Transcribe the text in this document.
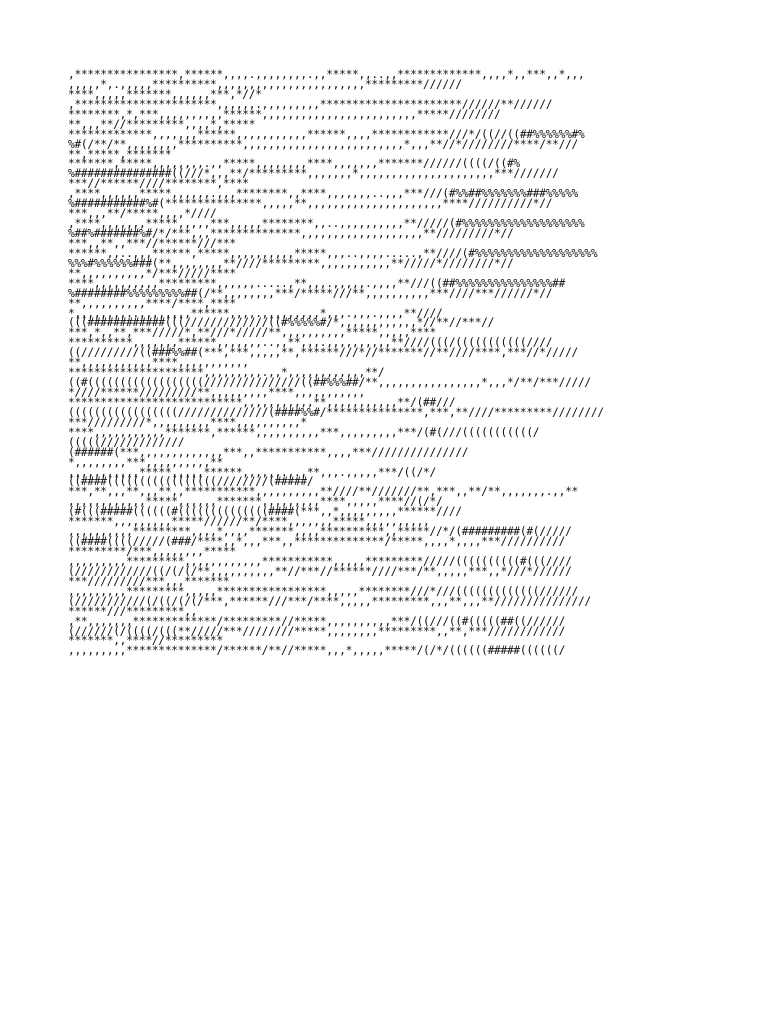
,****************,******,,,,.,,,,,,,,.,,*****,,..,,*************,,,,*,,***,,*,,,
,,,,,*,.,,,,,**********,,,,,,,,,,,,,,,,,,,,,,,*********//////
****,,,,,*******,,,,,,***,*//*
,**********************,,,,,,.,,,,,,,,,**********************//////**//////
********,*,***,,,,,,,,,,******,,,,,,,,,,,,,,,,,,,,,,,,*****////////
**,,,**//*********,,,,*,*****
*************,,,,,,,******,,,,,,,,,,,******,,,,************///*/((//((##%%%%%%#%
%#(/**/**,,,,,,,,**********,,,,,,,,,,,,,,,,,,,,,,,,,*,,,**//*////////****/**///
**,*****,*******
*******,*****,,,,,,,,.,,*****,,,,,,,,****,,,,,,,*******//////((((/((#%
%###############((///*,,,**/*********,,,,,,,*,,,,,,,,,,,,,,,,,,,,,***///////
***//******////********,****
,****,,,,,,*****,,,,,,.,,,********,,****,,,,,,,..,,,***///(#%%##%%%%%%%###%%%%%
%###########%#(***************,,,,,**,,,,,,,,,,,,,,,,,,,,,****//////////*//
***,,,**/*****,,,,*////
,****,,,,,,,*****,,,,,***,,,,,********,,..,,,,,,,,,,**/////(#%%%%%%%%%%%%%%%%%%%
%##%#######%#/*/***,,,**************,,,,,,,,,,,,,,,,,,,**/////////*//
***,,**,,***//******///***
******,,..,,,******,*****,,,,,,,,,,*****,,,..,,,,.....,**////(#%%%%%%%%%%%%%%%%%%%
%%%#%%%%%%###(**,,,,,,,,**////*********,,,,,,,,,,,**/////*////////*//
**,,,,,,,,,,*/***/////****
****,,,,,,,,,,*********,,,,,,.....,**,,,.,,,,,.,,,,**///((##%%%%%%%%%%%%%%%##
%########%%%%%%%%%##(/**,,,,,,,,***/*****///**,,,,,,,,,,***////***//////*//
**,,,,,,,,,,****/****,****
*,,,,,,,,..,,,,,,,,******,,,,.,,,,,,,,,*,,,.,,,.,,,,**////
(((############(((/////////////((#%%%%%#/*,,,,,,,,,,,,*//**//***//
***,*,,**,***/////*,**///*/////**,,,,,,,,,,*****,,,,,****
**********,,,,,,,******,,,,,,,..,,**,,,.,,,,,,,,,,**////(((/(((((((((((////
((/////////((###%%##(***,***,,,,,**,******///*//*******//**////****,***//*/////
**,,,,,,,,,,,****,,,,,,,,,,,
*********************,,,,,,,,,.,,*,,,,,,,,,,,,**/
((#((((((((((((((((((///////////////((##%%%##/**,,,,,,,,,,,,,,,,*,,,*/**/***/////
*////******/////////**,,,,,,,,,****,,,,,,,,,,,
***************************,,,,,,,,,,,**,,,,,,,,,,,**/(##///
(((((((((((((((((//////////////(####%%#/***************,***,**////*********////////
***/////////*,,,,,,,,,****,,,,,,,,,,*
****,,,,,,,,,,,*******,******,,,,,,,,,,***,,,,,,,,,***/(#(///(((((((((((/
(((((/////////////
(######(***,,,,,,,,,,,,,***,,***********,,,,***///////////////
*,,,,,,,,***,,,,,,,,,,**
,,,,,,,,,,,*****,,,,,******,,,,,,.,.,**,,,.,,,,,***/((/*/
((####(((((((((((((((((////////(#####/
***,**,,,**,,,**,,***********,,,,,,,,,,**////**///////**,***,,**/**,,,,,,,.,,**
,,,,,,,,,,,,*****,,,,,,*******,,,,,,,,,****,,,,,****//(/*/
(#(((#####((((((#((((((((((((((####(***,,*,,,,,,,,,******////
*******,,,,,,,,,*****//////**/****,,,,,,,*****,,,,,,,,,,
,,,,,,,,,,*********,,,,*,,,,*******,,,,**********,,*****//*/(#########(#(/////
((####((((/////(###/****,,*,,,***,,**************/*****,,,,*,,,,***//////////
*********/***,,,,,,,,*****
,,,,,,,,,*********,,,,,,,,,,,,***********,,,,,*********/////((((((((((#(((////
(////////////((/(/(/**,,,,,,,,,,**//***//******////***/**,,,,,***,,*///*//////
***/////////***,,,*******
,,,,,,,,,*********,,,,,*****************,,,,,********///*///(((((((((((((//////
(///////////(/((/(/(/***,******///***/****,,,,,*********,,,**,,,**///////////////
******///*********,,
,**,,,,,,,*************/*********//*****,,,,,,,,,,***/((///((#(((((##((//////
(//////(/((((/(((**/////***////////*****,,,,,,,,*********,,**,***////////////
*******,,****//*********
,,,,,,,,,**************/******/**//*****,,,*,,,,,*****/(/*/((((((#####((((((/
